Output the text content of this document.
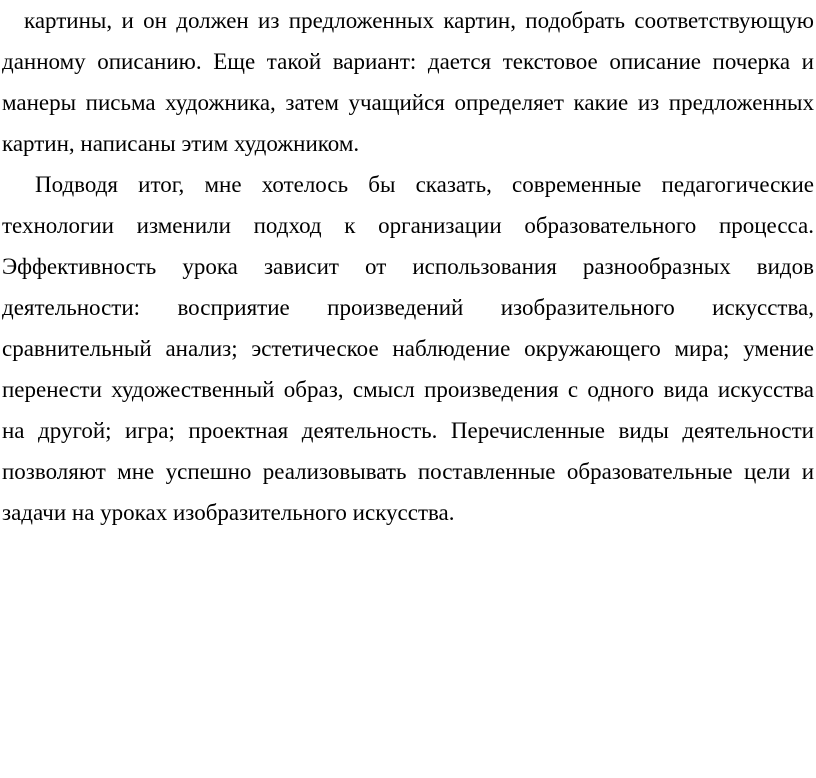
картины, и он должен из предложенных картин, подобрать соответствующую
данному описанию. Еще такой вариант: дается текстовое описание почерка и
манеры письма художника, затем учащийся определяет какие из предложенных
картин, написаны этим художником.
Подводя итог, мне хотелось бы сказать, современные педагогические
технологии изменили подход к организации образовательного процесса.
Эффективность урока зависит от использования разнообразных видов
деятельности: восприятие произведений изобразительного искусства,
сравнительный анализ; эстетическое наблюдение окружающего мира; умение
перенести художественный образ, смысл произведения с одного вида искусства
на другой; игра; проектная деятельность. Перечисленные виды деятельности
позволяют мне успешно реализовывать поставленные образовательные цели и
задачи на уроках изобразительного искусства.
